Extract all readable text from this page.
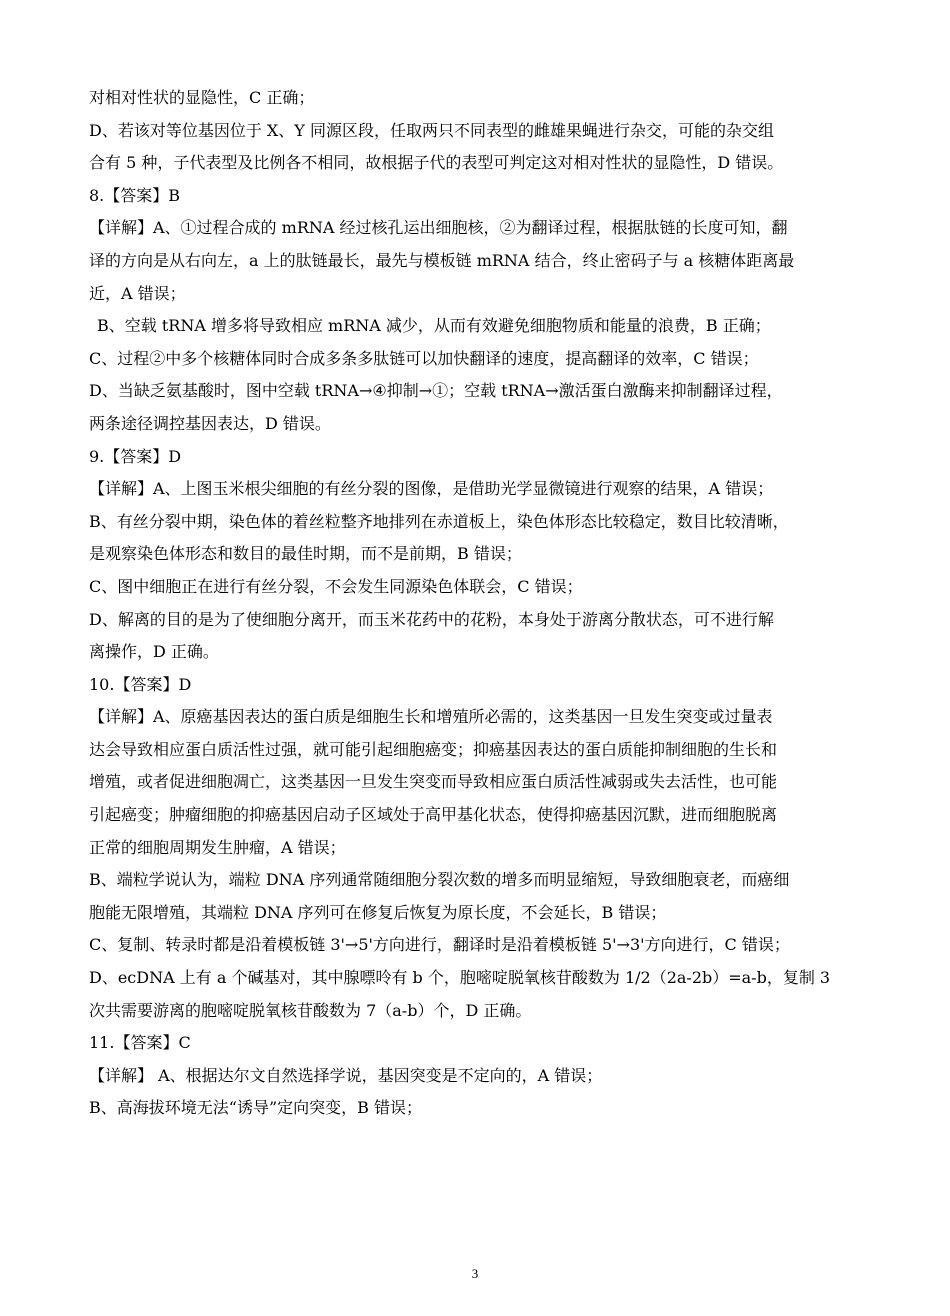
对相对性状的显隐性，C 正确；
D、若该对等位基因位于 X、Y 同源区段，任取两只不同表型的雌雄果蝇进行杂交，可能的杂交组
合有 5 种，子代表型及比例各不相同，故根据子代的表型可判定这对相对性状的显隐性，D 错误。
8.【答案】B
【详解】A、①过程合成的 mRNA 经过核孔运出细胞核，②为翻译过程，根据肽链的长度可知，翻
译的方向是从右向左，a 上的肽链最长，最先与模板链 mRNA 结合，终止密码子与 a 核糖体距离最
近，A 错误；
B、空载 tRNA 增多将导致相应 mRNA 减少，从而有效避免细胞物质和能量的浪费，B 正确；
C、过程②中多个核糖体同时合成多条多肽链可以加快翻译的速度，提高翻译的效率，C 错误；
D、当缺乏氨基酸时，图中空载 tRNA→④抑制→①；空载 tRNA→激活蛋白激酶来抑制翻译过程，
两条途径调控基因表达，D 错误。
9.【答案】D
【详解】A、上图玉米根尖细胞的有丝分裂的图像，是借助光学显微镜进行观察的结果，A 错误；
B、有丝分裂中期，染色体的着丝粒整齐地排列在赤道板上，染色体形态比较稳定，数目比较清晰，
是观察染色体形态和数目的最佳时期，而不是前期，B 错误；
C、图中细胞正在进行有丝分裂，不会发生同源染色体联会，C 错误；
D、解离的目的是为了使细胞分离开，而玉米花药中的花粉，本身处于游离分散状态，可不进行解
离操作，D 正确。
10.【答案】D
【详解】A、原癌基因表达的蛋白质是细胞生长和增殖所必需的，这类基因一旦发生突变或过量表
达会导致相应蛋白质活性过强，就可能引起细胞癌变；抑癌基因表达的蛋白质能抑制细胞的生长和
增殖，或者促进细胞凋亡，这类基因一旦发生突变而导致相应蛋白质活性减弱或失去活性，也可能
引起癌变；肿瘤细胞的抑癌基因启动子区域处于高甲基化状态，使得抑癌基因沉默，进而细胞脱离
正常的细胞周期发生肿瘤，A 错误；
B、端粒学说认为，端粒 DNA 序列通常随细胞分裂次数的增多而明显缩短，导致细胞衰老，而癌细
胞能无限增殖，其端粒 DNA 序列可在修复后恢复为原长度，不会延长，B 错误；
C、复制、转录时都是沿着模板链 3'→5'方向进行，翻译时是沿着模板链 5'→3'方向进行，C 错误；
D、ecDNA 上有 a 个碱基对，其中腺嘌呤有 b 个，胞嘧啶脱氧核苷酸数为 1/2（2a-2b）=a-b，复制 3
次共需要游离的胞嘧啶脱氧核苷酸数为 7（a-b）个，D 正确。
11.【答案】C
【详解】 A、根据达尔文自然选择学说，基因突变是不定向的，A 错误；
B、高海拔环境无法“诱导”定向突变，B 错误；
3
